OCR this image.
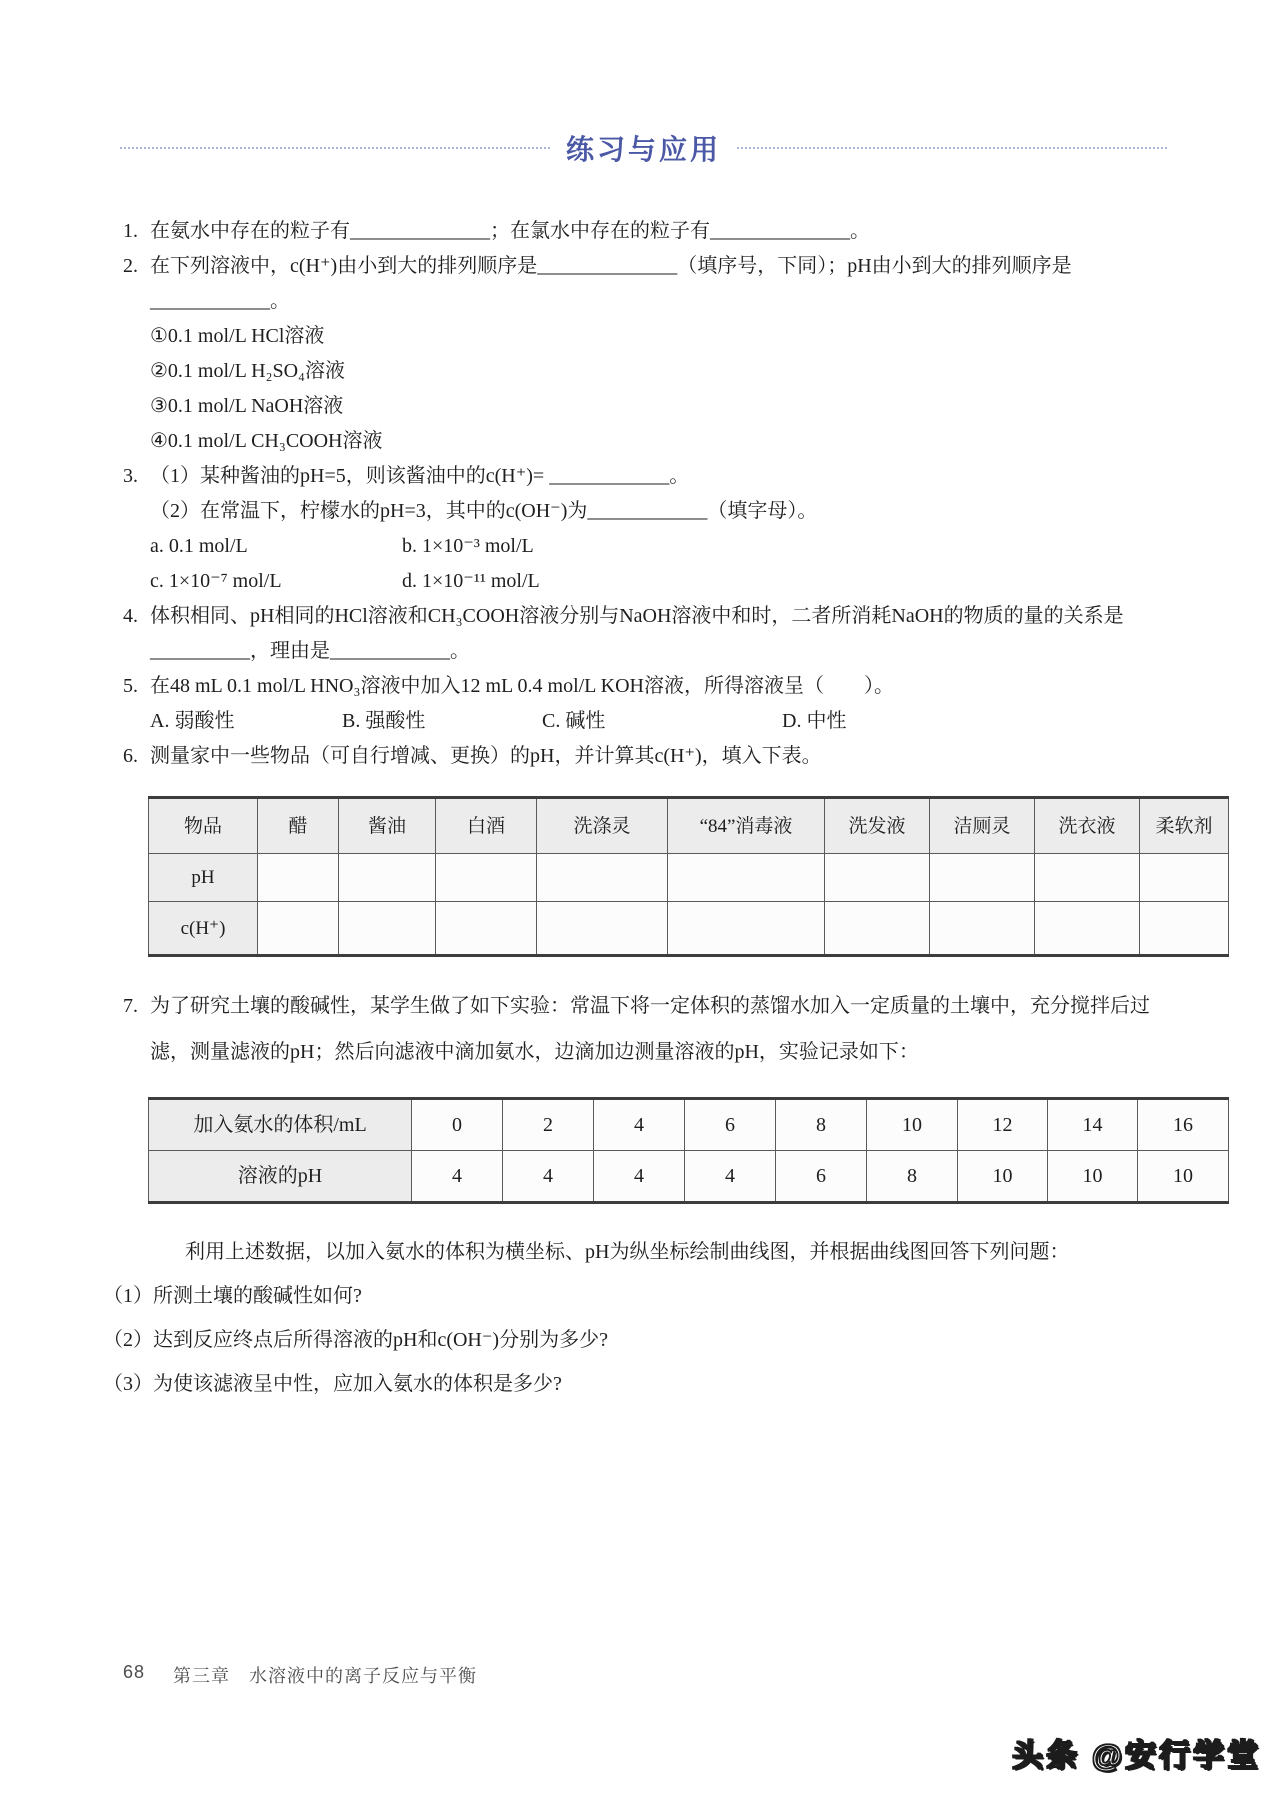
练习与应用
1. 在氨水中存在的粒子有______________；在氯水中存在的粒子有______________。
2. 在下列溶液中，c(H⁺)由小到大的排列顺序是______________（填序号，下同）；pH由小到大的排列顺序是____________。
①0.1 mol/L HCl溶液
②0.1 mol/L H₂SO₄溶液
③0.1 mol/L NaOH溶液
④0.1 mol/L CH₃COOH溶液
3. （1）某种酱油的pH=5，则该酱油中的c(H⁺)= ____________。
（2）在常温下，柠檬水的pH=3，其中的c(OH⁻)为____________（填字母）。
a. 0.1 mol/L	b. 1×10⁻³ mol/L
c. 1×10⁻⁷ mol/L	d. 1×10⁻¹¹ mol/L
4. 体积相同、pH相同的HCl溶液和CH₃COOH溶液分别与NaOH溶液中和时，二者所消耗NaOH的物质的量的关系是__________，理由是____________。
5. 在48 mL 0.1 mol/L HNO₃溶液中加入12 mL 0.4 mol/L KOH溶液，所得溶液呈（　　）。
A. 弱酸性	B. 强酸性	C. 碱性	D. 中性
6. 测量家中一些物品（可自行增减、更换）的pH，并计算其c(H⁺)，填入下表。
物品	醋	酱油	白酒	洗涤灵	“84”消毒液	洗发液	洁厕灵	洗衣液	柔软剂
pH									
c(H⁺)									
7. 为了研究土壤的酸碱性，某学生做了如下实验：常温下将一定体积的蒸馏水加入一定质量的土壤中，充分搅拌后过滤，测量滤液的pH；然后向滤液中滴加氨水，边滴加边测量溶液的pH，实验记录如下：
加入氨水的体积/mL	0	2	4	6	8	10	12	14	16
溶液的pH	4	4	4	4	6	8	10	10	10
利用上述数据，以加入氨水的体积为横坐标、pH为纵坐标绘制曲线图，并根据曲线图回答下列问题：
（1）所测土壤的酸碱性如何?
（2）达到反应终点后所得溶液的pH和c(OH⁻)分别为多少?
（3）为使该滤液呈中性，应加入氨水的体积是多少?
68 第三章　水溶液中的离子反应与平衡
头条 @安行学堂
